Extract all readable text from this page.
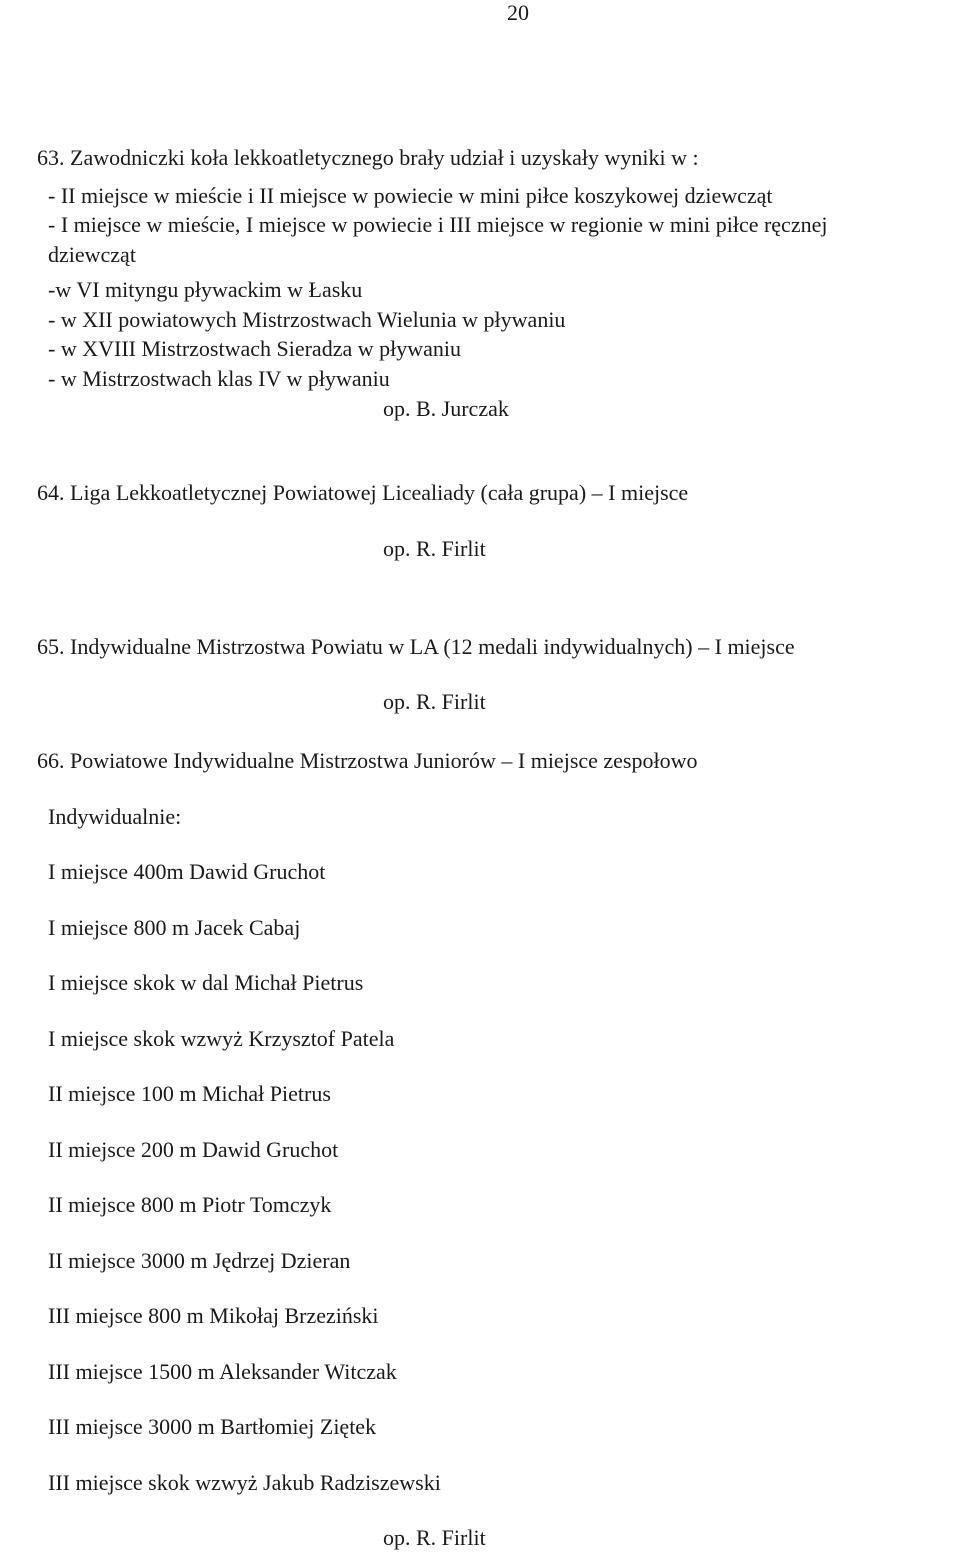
20
63. Zawodniczki koła lekkoatletycznego brały udział i uzyskały wyniki w :
- II miejsce w mieście i II miejsce w powiecie w mini piłce koszykowej dziewcząt
- I miejsce w mieście, I miejsce w powiecie i III miejsce w regionie w mini piłce ręcznej
dziewcząt
-w VI mityngu pływackim w Łasku
- w XII powiatowych Mistrzostwach Wielunia w pływaniu
- w XVIII Mistrzostwach Sieradza w pływaniu
- w Mistrzostwach klas IV w pływaniu
op. B. Jurczak
64. Liga Lekkoatletycznej Powiatowej Licealiady (cała grupa) – I miejsce
op. R. Firlit
65. Indywidualne Mistrzostwa Powiatu w LA (12 medali indywidualnych) – I miejsce
op. R. Firlit
66. Powiatowe Indywidualne Mistrzostwa Juniorów – I miejsce zespołowo
Indywidualnie:
I miejsce 400m Dawid Gruchot
I miejsce 800 m Jacek Cabaj
I miejsce skok w dal Michał Pietrus
I miejsce skok wzwyż Krzysztof Patela
II miejsce 100 m Michał Pietrus
II miejsce 200 m Dawid Gruchot
II miejsce 800 m Piotr Tomczyk
II miejsce 3000 m Jędrzej Dzieran
III miejsce 800 m Mikołaj Brzeziński
III miejsce 1500 m Aleksander Witczak
III miejsce 3000 m Bartłomiej Ziętek
III miejsce skok wzwyż Jakub Radziszewski
op. R. Firlit
